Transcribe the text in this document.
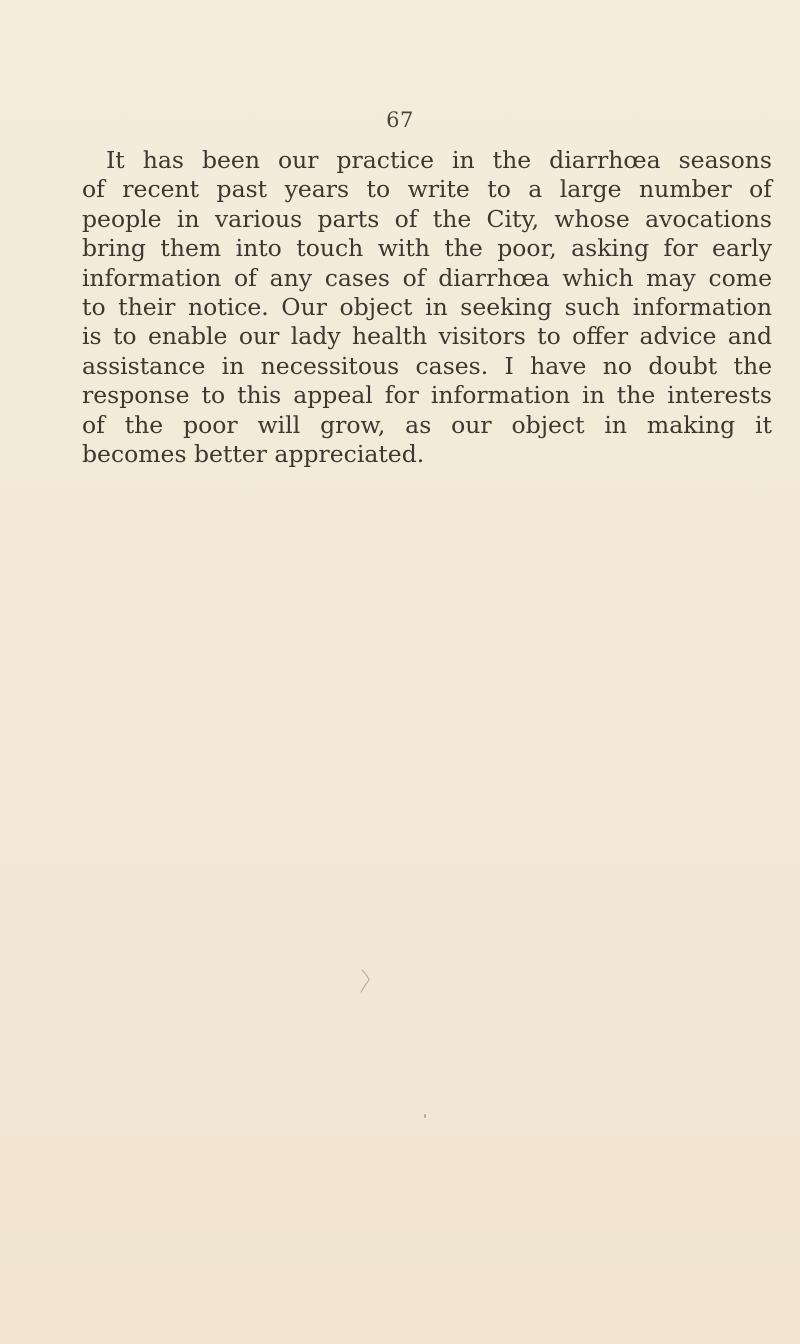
67

It has been our practice in the diarrhœa seasons
of recent past years to write to a large number of
people in various parts of the City, whose avocations
bring them into touch with the poor, asking for early
information of any cases of diarrhœa which may come
to their notice. Our object in seeking such information
is to enable our lady health visitors to offer advice and
assistance in necessitous cases. I have no doubt the
response to this appeal for information in the interests
of the poor will grow, as our object in making it
becomes better appreciated.
